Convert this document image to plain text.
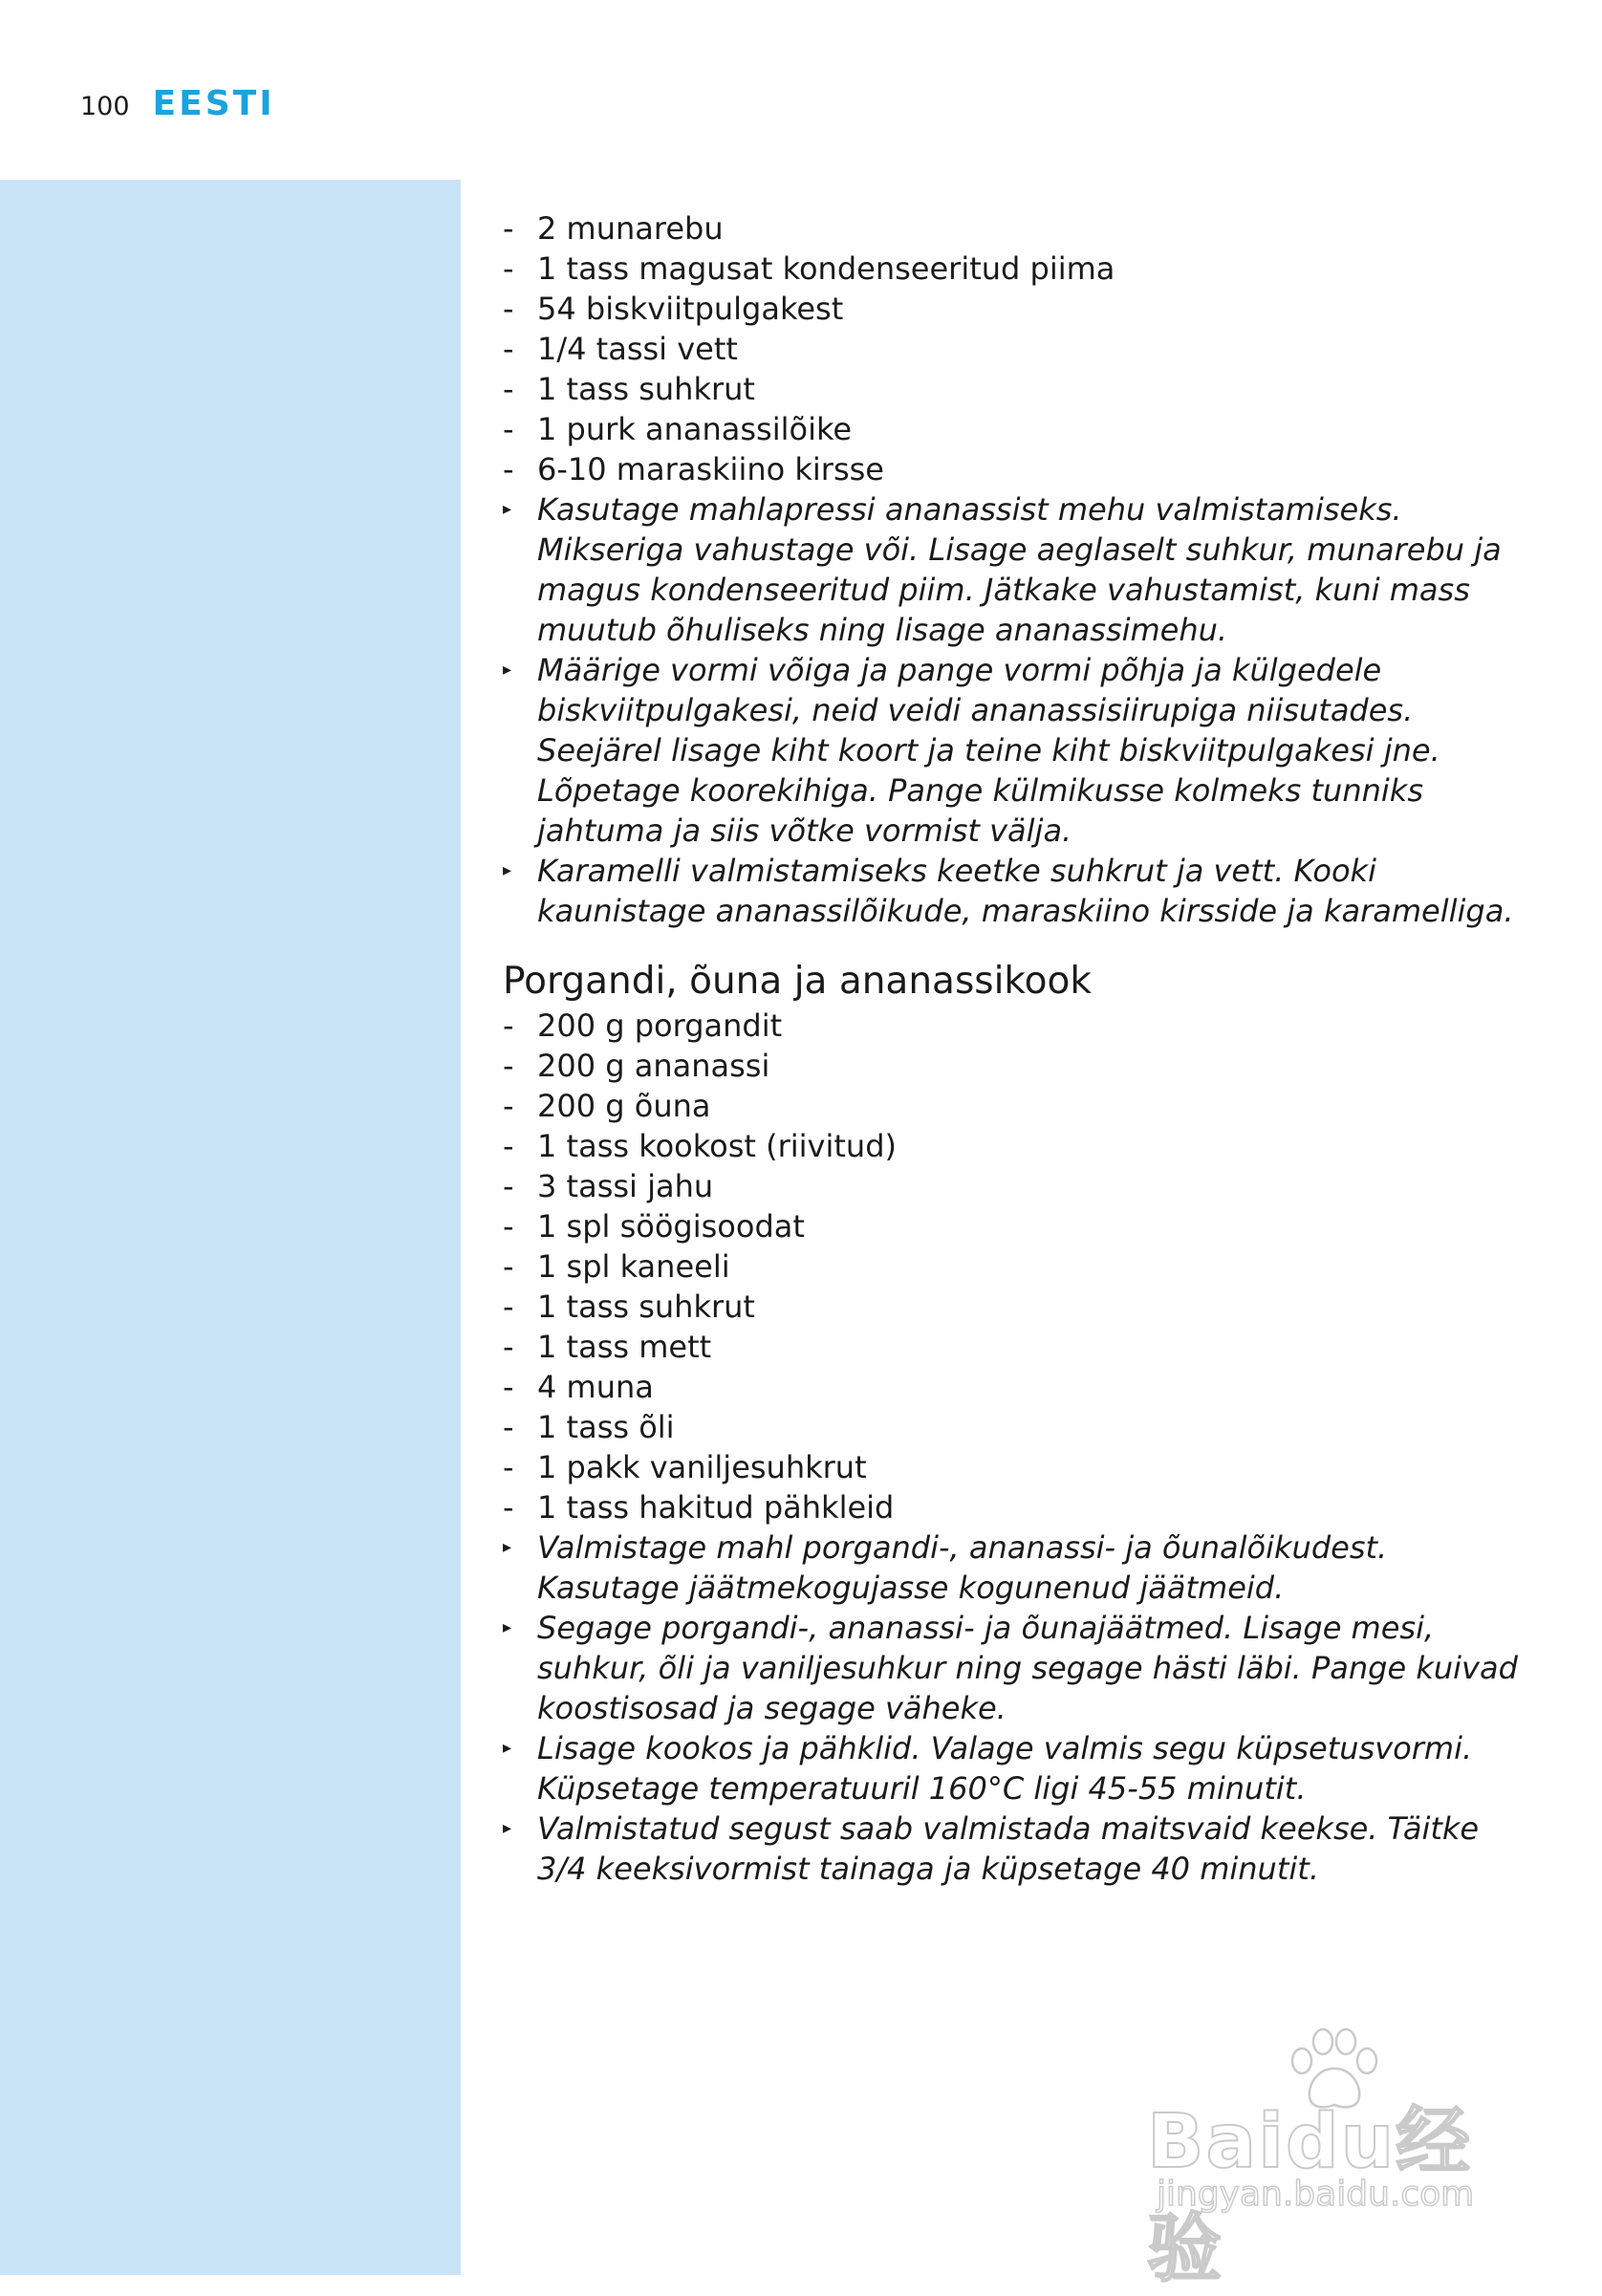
100 EESTI
- 2 munarebu
- 1 tass magusat kondenseeritud piima
- 54 biskviitpulgakest
- 1/4 tassi vett
- 1 tass suhkrut
- 1 purk ananassilõike
- 6-10 maraskiino kirsse
▸ Kasutage mahlapressi ananassist mehu valmistamiseks. Mikseriga vahustage või. Lisage aeglaselt suhkur, munarebu ja magus kondenseeritud piim. Jätkake vahustamist, kuni mass muutub õhuliseks ning lisage ananassimehu.
▸ Määrige vormi võiga ja pange vormi põhja ja külgedele biskviitpulgakesi, neid veidi ananassisiirupiga niisutades. Seejärel lisage kiht koort ja teine kiht biskviitpulgakesi jne. Lõpetage koorekihiga. Pange külmikusse kolmeks tunniks jahtuma ja siis võtke vormist välja.
▸ Karamelli valmistamiseks keetke suhkrut ja vett. Kooki kaunistage ananassilõikude, maraskiino kirsside ja karamelliga.
Porgandi, õuna ja ananassikook
- 200 g porgandit
- 200 g ananassi
- 200 g õuna
- 1 tass kookost (riivitud)
- 3 tassi jahu
- 1 spl söögisoodat
- 1 spl kaneeli
- 1 tass suhkrut
- 1 tass mett
- 4 muna
- 1 tass õli
- 1 pakk vaniljesuhkrut
- 1 tass hakitud pähkleid
▸ Valmistage mahl porgandi-, ananassi- ja õunalõikudest. Kasutage jäätmekogujasse kogunenud jäätmeid.
▸ Segage porgandi-, ananassi- ja õunajäätmed. Lisage mesi, suhkur, õli ja vaniljesuhkur ning segage hästi läbi. Pange kuivad koostisosad ja segage väheke.
▸ Lisage kookos ja pähklid. Valage valmis segu küpsetusvormi. Küpsetage temperatuuril 160°C ligi 45-55 minutit.
▸ Valmistatud segust saab valmistada maitsvaid keekse. Täitke 3/4 keeksivormist tainaga ja küpsetage 40 minutit.
Baidu经验
jingyan.baidu.com
